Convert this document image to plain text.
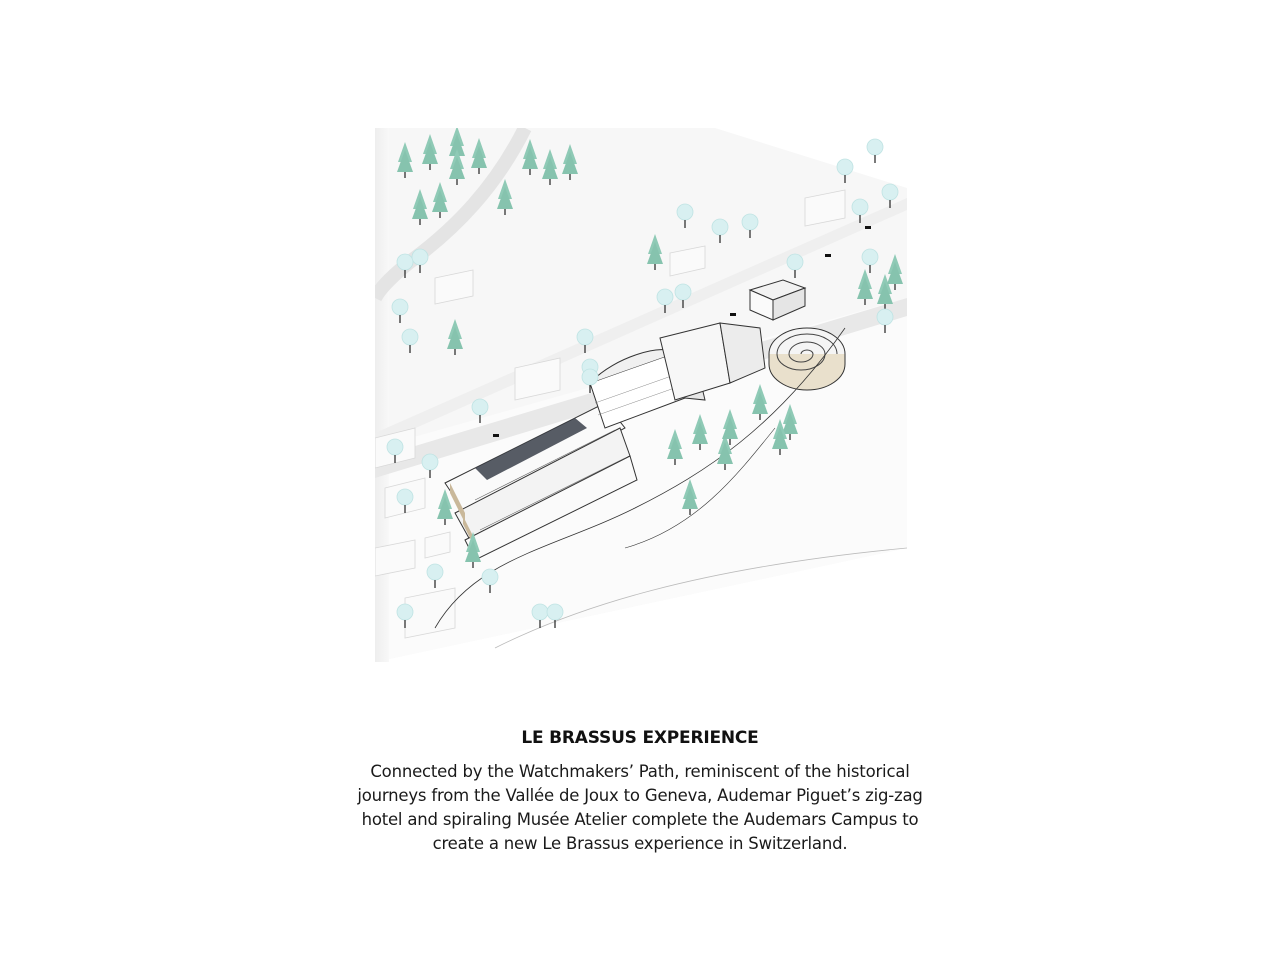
LE BRASSUS EXPERIENCE

Connected by the Watchmakers’ Path, reminiscent of the historical journeys from the Vallée de Joux to Geneva, Audemar Piguet’s zig-zag hotel and spiraling Musée Atelier complete the Audemars Campus to create a new Le Brassus experience in Switzerland.
